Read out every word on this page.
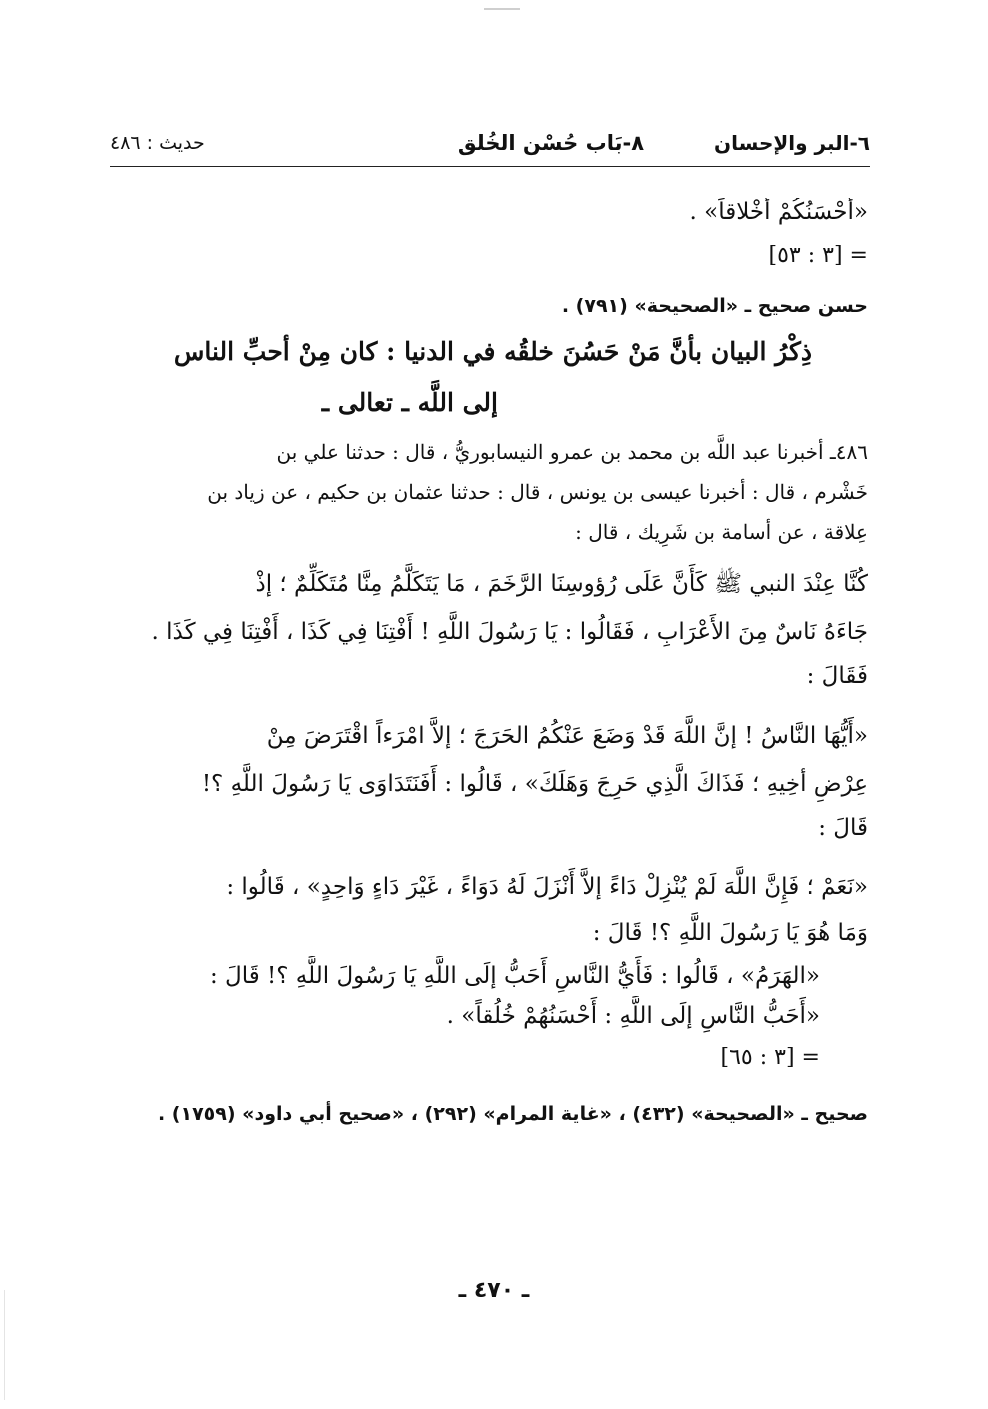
٦-البر والإحسان
٨-بَاب حُسْن الخُلق
حديث : ٤٨٦
«أَحْسَنُكُمْ أَخْلاقاً» .
= [٣ : ٥٣]
حسن صحيح ـ «الصحيحة» (٧٩١) .
ذِكْرُ البيان بأنَّ مَنْ حَسُنَ خلقُه في الدنيا : كان مِنْ أحبِّ الناس
إلى اللَّه ـ تعالى ـ
٤٨٦ـ أخبرنا عبد اللَّه بن محمد بن عمرو النيسابوريُّ ، قال : حدثنا علي بن
خَشْرم ، قال : أخبرنا عيسى بن يونس ، قال : حدثنا عثمان بن حكيم ، عن زياد بن
عِلاقة ، عن أسامة بن شَرِيك ، قال :
كُنَّا عِنْدَ النبي ﷺ كَأَنَّ عَلَى رُؤوسِنَا الرَّخَمَ ، مَا يَتَكَلَّمُ مِنَّا مُتَكَلِّمٌ ؛ إذْ
جَاءَهُ نَاسٌ مِنَ الأَعْرَابِ ، فَقَالُوا : يَا رَسُولَ اللَّهِ ! أَفْتِنَا فِي كَذَا ، أَفْتِنَا فِي كَذَا .
فَقَالَ :
«أَيُّهَا النَّاسُ ! إنَّ اللَّهَ قَدْ وَضَعَ عَنْكُمُ الحَرَجَ ؛ إلاَّ امْرَءاً اقْتَرَضَ مِنْ
عِرْضِ أخِيهِ ؛ فَذَاكَ الَّذِي حَرِجَ وَهَلَكَ» ، قَالُوا : أَفَنَتَدَاوَى يَا رَسُولَ اللَّهِ ؟!
قَالَ :
«نَعَمْ ؛ فَإِنَّ اللَّهَ لَمْ يُنْزِلْ دَاءً إلاَّ أَنْزَلَ لَهُ دَوَاءً ، غَيْرَ دَاءٍ وَاحِدٍ» ، قَالُوا :
وَمَا هُوَ يَا رَسُولَ اللَّهِ ؟! قَالَ :
«الهَرَمُ» ، قَالُوا : فَأَيُّ النَّاسِ أَحَبُّ إلَى اللَّهِ يَا رَسُولَ اللَّهِ ؟! قَالَ :
«أَحَبُّ النَّاسِ إلَى اللَّهِ : أَحْسَنُهُمْ خُلُقاً» .
= [٣ : ٦٥]
صحيح ـ «الصحيحة» (٤٣٢) ، «غاية المرام» (٢٩٢) ، «صحيح أبي داود» (١٧٥٩) .
ـ ٤٧٠ ـ
